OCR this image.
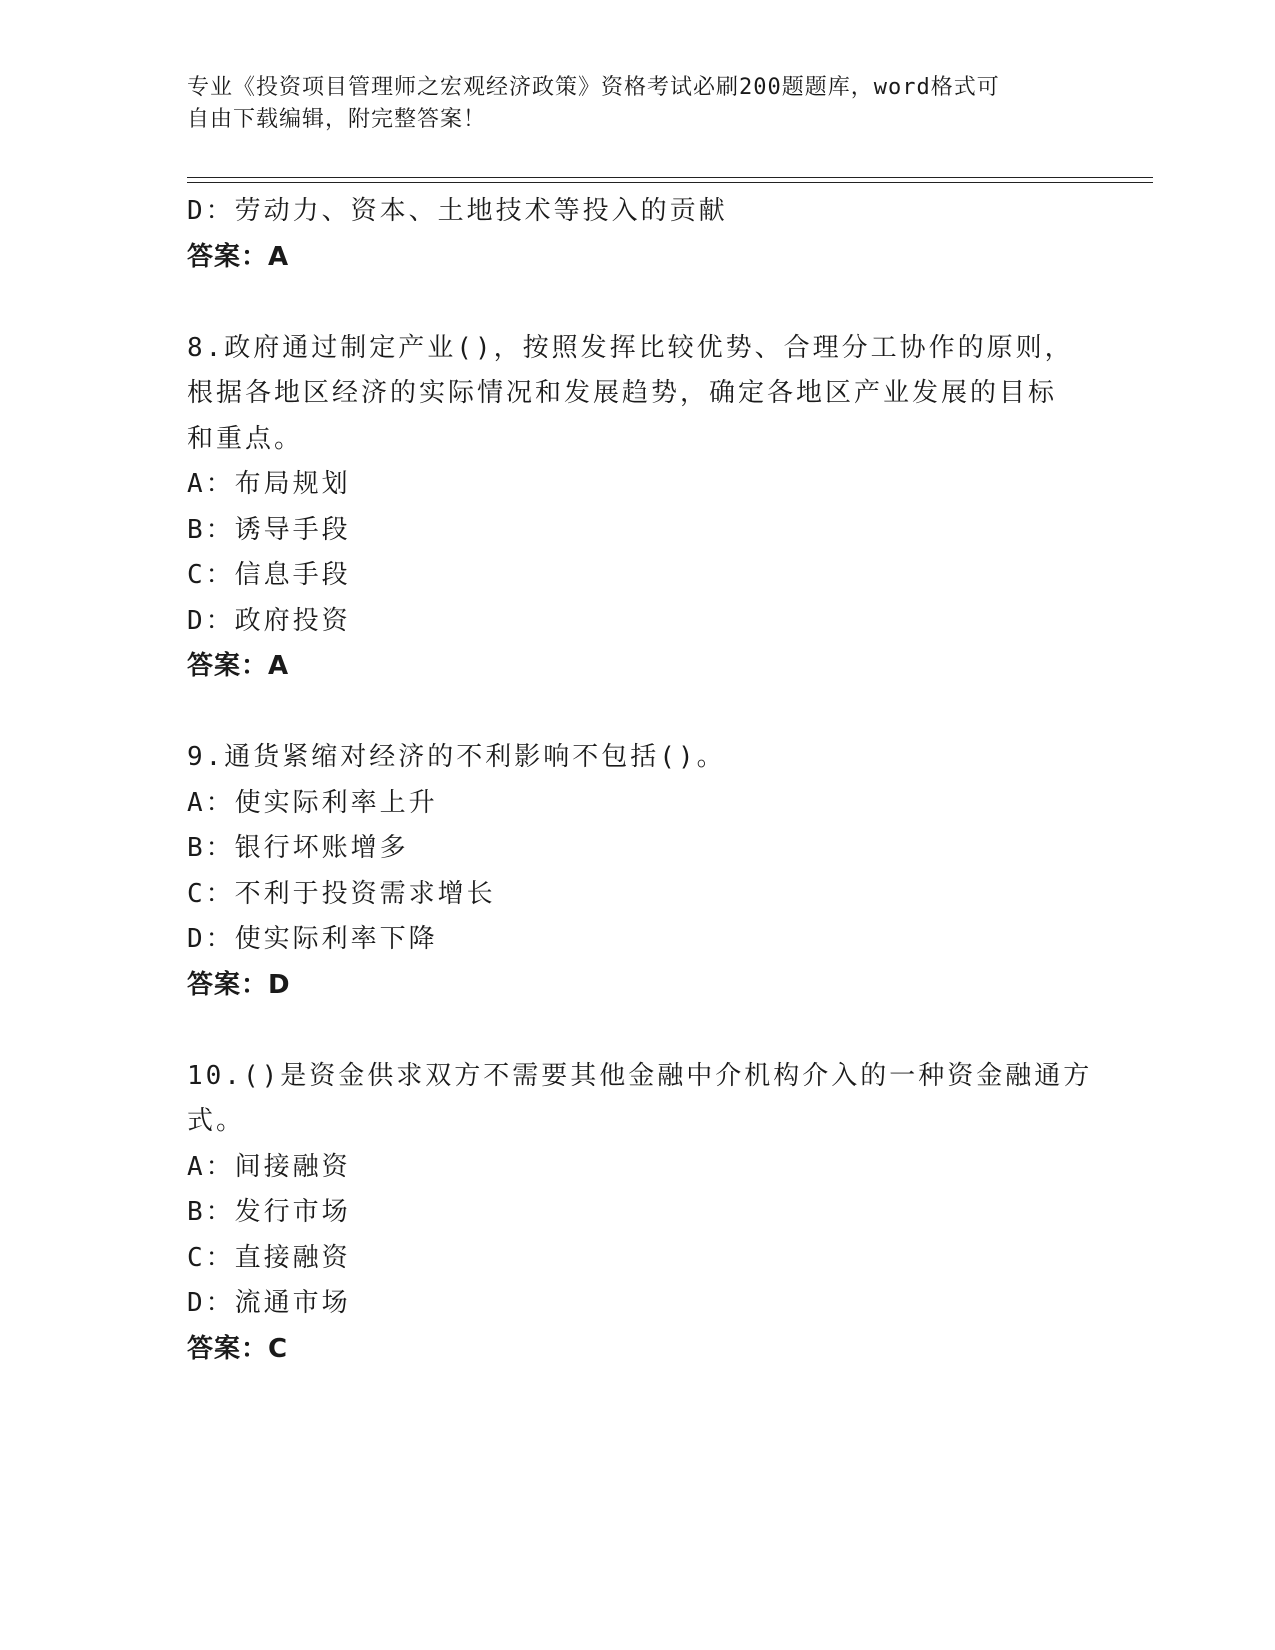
专业《投资项目管理师之宏观经济政策》资格考试必刷200题题库，word格式可
自由下载编辑，附完整答案！
D：劳动力、资本、土地技术等投入的贡献
答案：A
8.政府通过制定产业()，按照发挥比较优势、合理分工协作的原则，
根据各地区经济的实际情况和发展趋势，确定各地区产业发展的目标
和重点。
A：布局规划
B：诱导手段
C：信息手段
D：政府投资
答案：A
9.通货紧缩对经济的不利影响不包括()。
A：使实际利率上升
B：银行坏账增多
C：不利于投资需求增长
D：使实际利率下降
答案：D
10.()是资金供求双方不需要其他金融中介机构介入的一种资金融通方
式。
A：间接融资
B：发行市场
C：直接融资
D：流通市场
答案：C
